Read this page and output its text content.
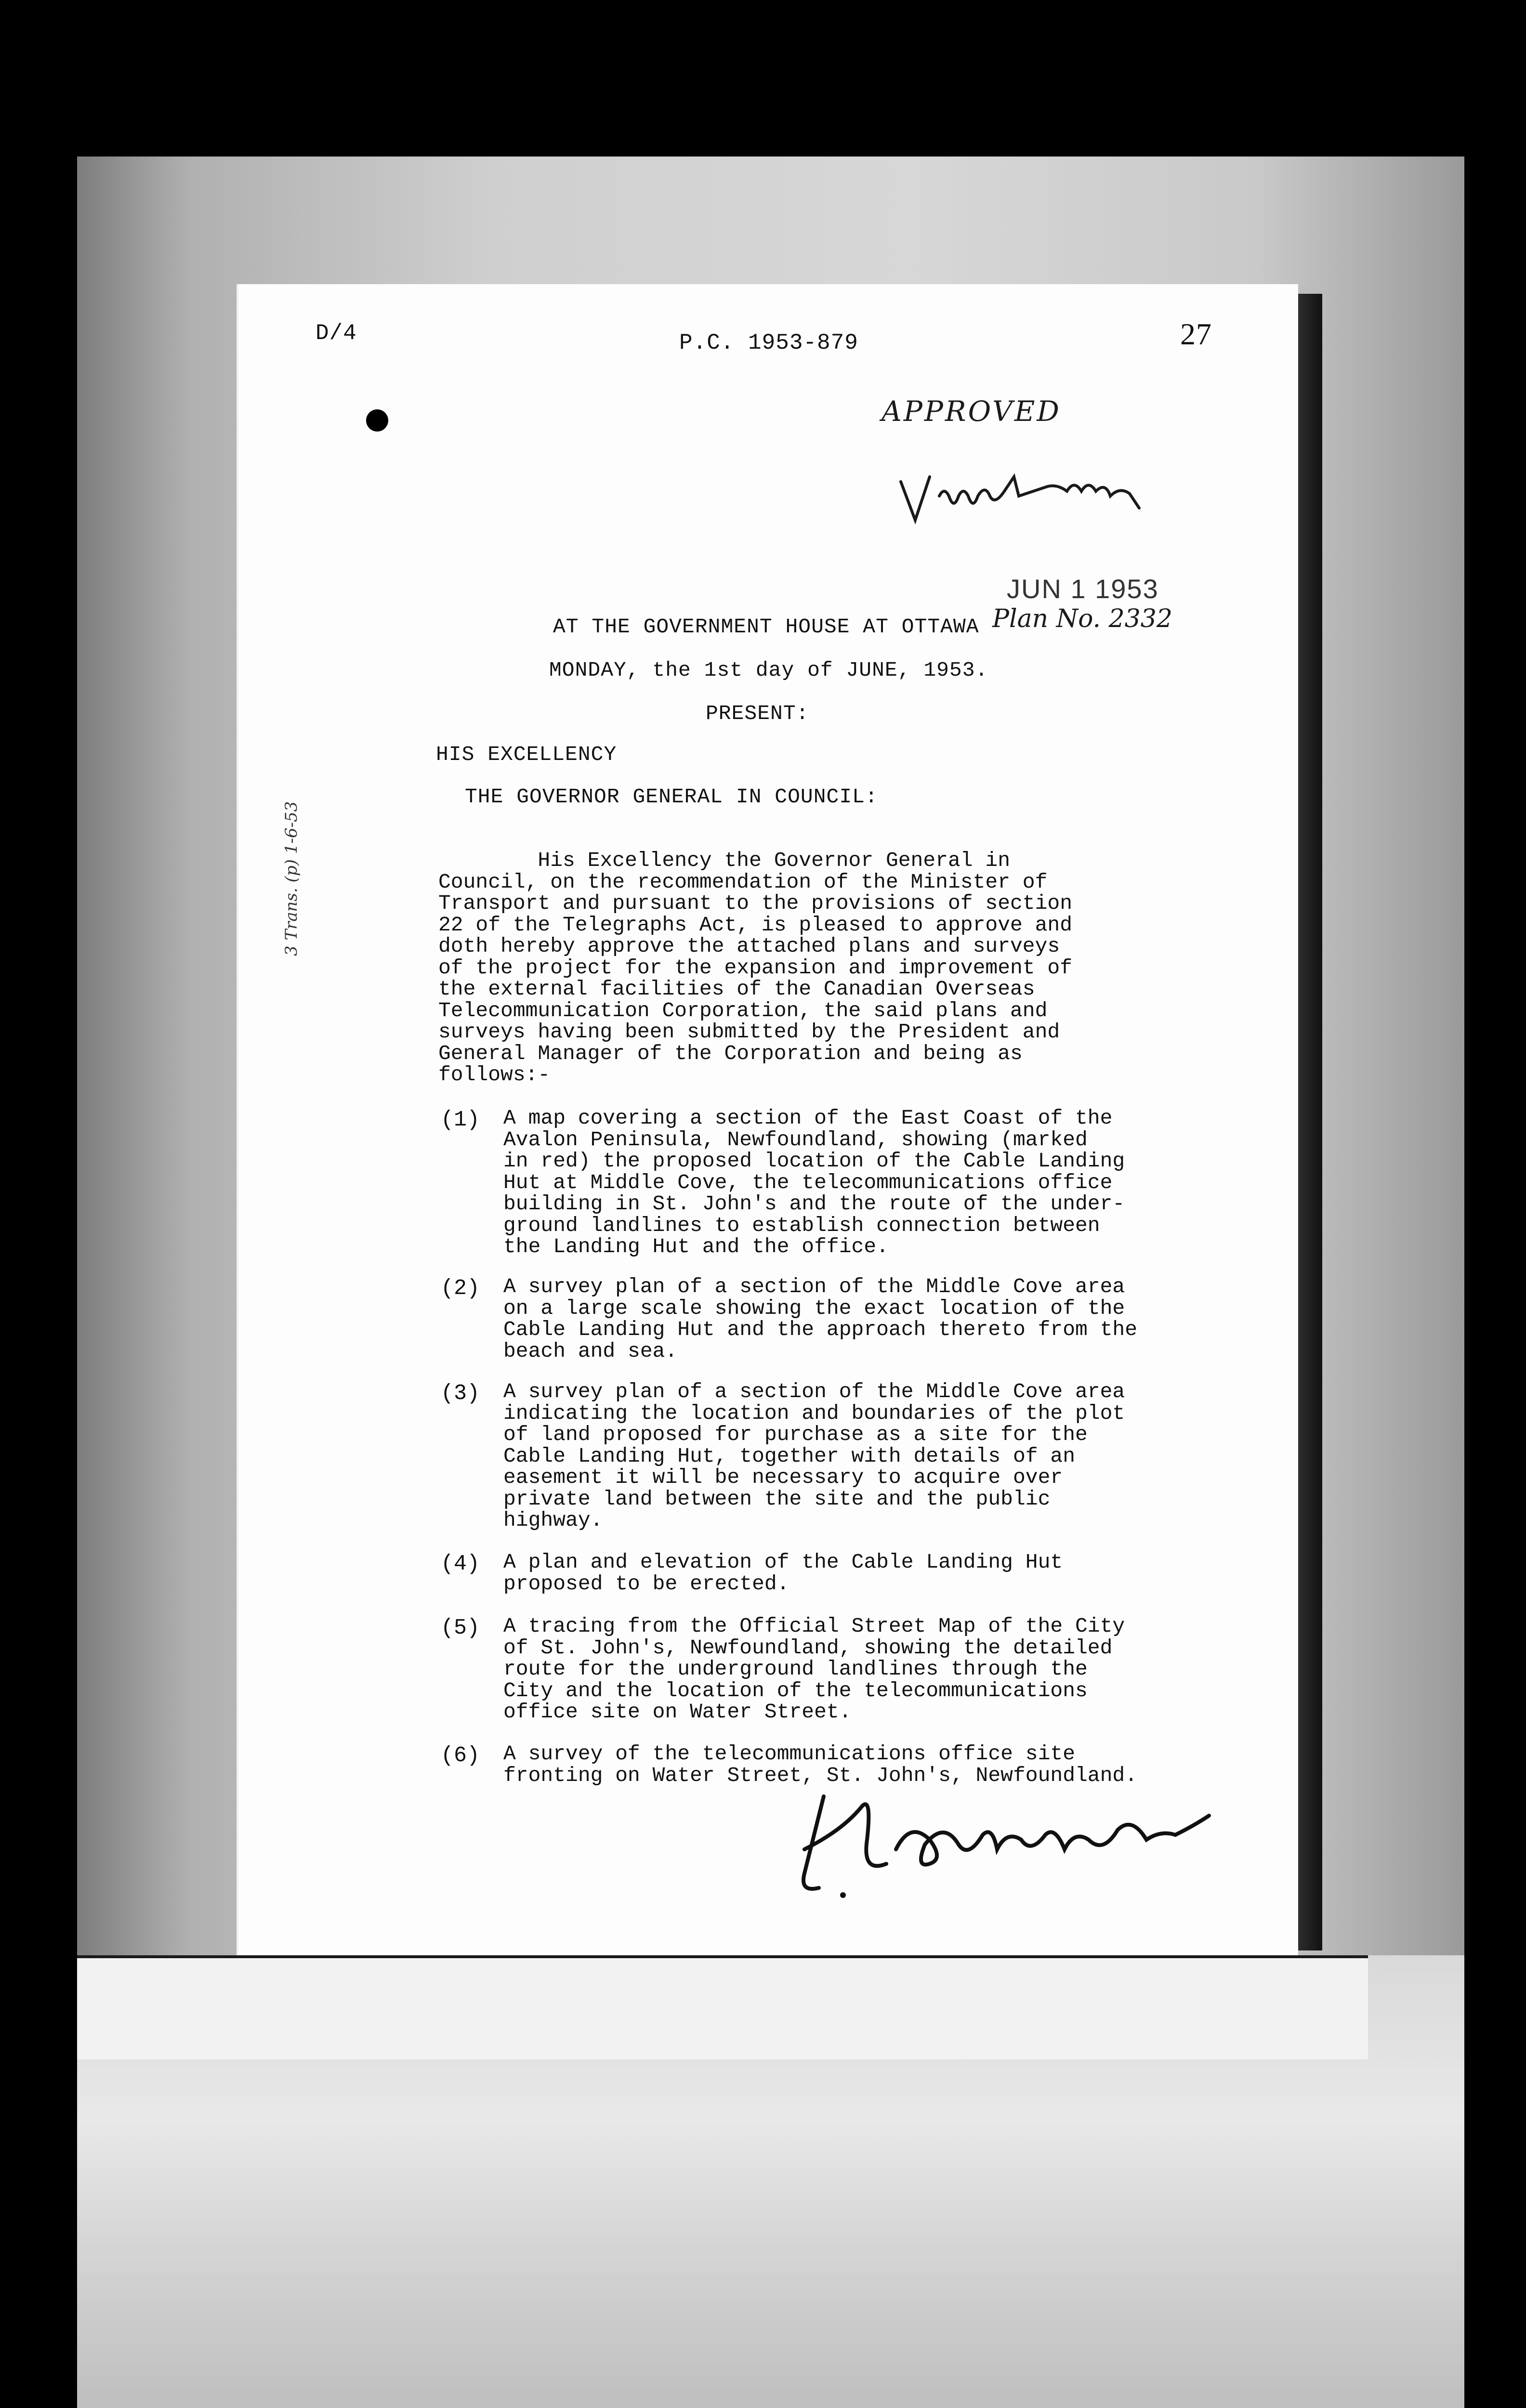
D/4	P.C. 1953-879	27
APPROVED
JUN 1 1953
Plan No. 2332
3 Trans. (p) 1-6-53
AT THE GOVERNMENT HOUSE AT OTTAWA
MONDAY, the 1st day of JUNE, 1953.
PRESENT:
HIS EXCELLENCY
THE GOVERNOR GENERAL IN COUNCIL:
His Excellency the Governor General in
Council, on the recommendation of the Minister of
Transport and pursuant to the provisions of section
22 of the Telegraphs Act, is pleased to approve and
doth hereby approve the attached plans and surveys
of the project for the expansion and improvement of
the external facilities of the Canadian Overseas
Telecommunication Corporation, the said plans and
surveys having been submitted by the President and
General Manager of the Corporation and being as
follows:-
(1) A map covering a section of the East Coast of the
Avalon Peninsula, Newfoundland, showing (marked
in red) the proposed location of the Cable Landing
Hut at Middle Cove, the telecommunications office
building in St. John's and the route of the under-
ground landlines to establish connection between
the Landing Hut and the office.
(2) A survey plan of a section of the Middle Cove area
on a large scale showing the exact location of the
Cable Landing Hut and the approach thereto from the
beach and sea.
(3) A survey plan of a section of the Middle Cove area
indicating the location and boundaries of the plot
of land proposed for purchase as a site for the
Cable Landing Hut, together with details of an
easement it will be necessary to acquire over
private land between the site and the public
highway.
(4) A plan and elevation of the Cable Landing Hut
proposed to be erected.
(5) A tracing from the Official Street Map of the City
of St. John's, Newfoundland, showing the detailed
route for the underground landlines through the
City and the location of the telecommunications
office site on Water Street.
(6) A survey of the telecommunications office site
fronting on Water Street, St. John's, Newfoundland.
